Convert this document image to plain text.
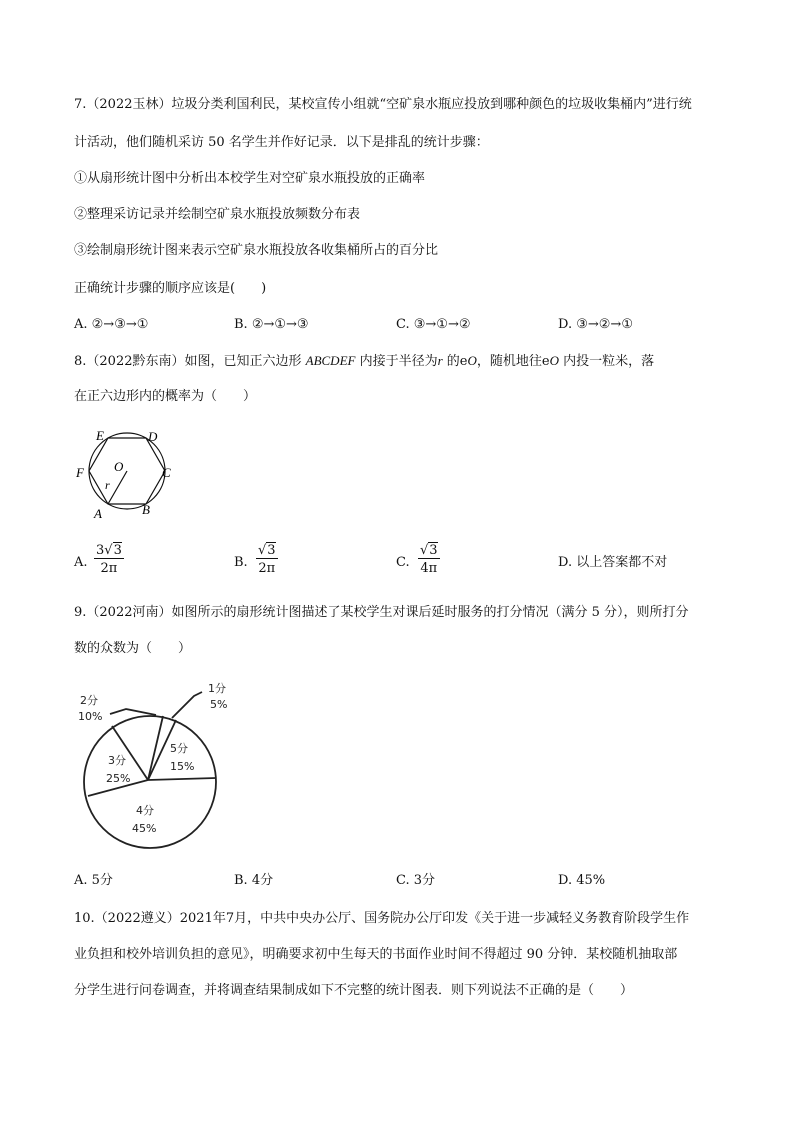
7.（2022玉林）垃圾分类利国利民，某校宣传小组就“空矿泉水瓶应投放到哪种颜色的垃圾收集桶内”进行统
计活动，他们随机采访 50 名学生并作好记录．以下是排乱的统计步骤：
①从扇形统计图中分析出本校学生对空矿泉水瓶投放的正确率
②整理采访记录并绘制空矿泉水瓶投放频数分布表
③绘制扇形统计图来表示空矿泉水瓶投放各收集桶所占的百分比
正确统计步骤的顺序应该是(　　)
A. ②→③→①	B. ②→①→③	C. ③→①→②	D. ③→②→①
8.（2022黔东南）如图，已知正六边形 ABCDEF 内接于半径为r 的eO，随机地往eO 内投一粒米，落
在正六边形内的概率为（　　）
E	D
F	C
A	B
O
r
A. $\frac{3√3}{2\pi}$	B. $\frac{√3}{2\pi}$	C. $\frac{√3}{4\pi}$	D. 以上答案都不对
9.（2022河南）如图所示的扇形统计图描述了某校学生对课后延时服务的打分情况（满分 5 分），则所打分
数的众数为（　　）
2分
10%
1分
5%
3分
25%
5分
15%
4分
45%
A. 5分	B. 4分	C. 3分	D. 45%
10.（2022遵义）2021年7月，中共中央办公厅、国务院办公厅印发《关于进一步减轻义务教育阶段学生作
业负担和校外培训负担的意见》，明确要求初中生每天的书面作业时间不得超过 90 分钟．某校随机抽取部
分学生进行问卷调查，并将调查结果制成如下不完整的统计图表．则下列说法不正确的是（　　）
